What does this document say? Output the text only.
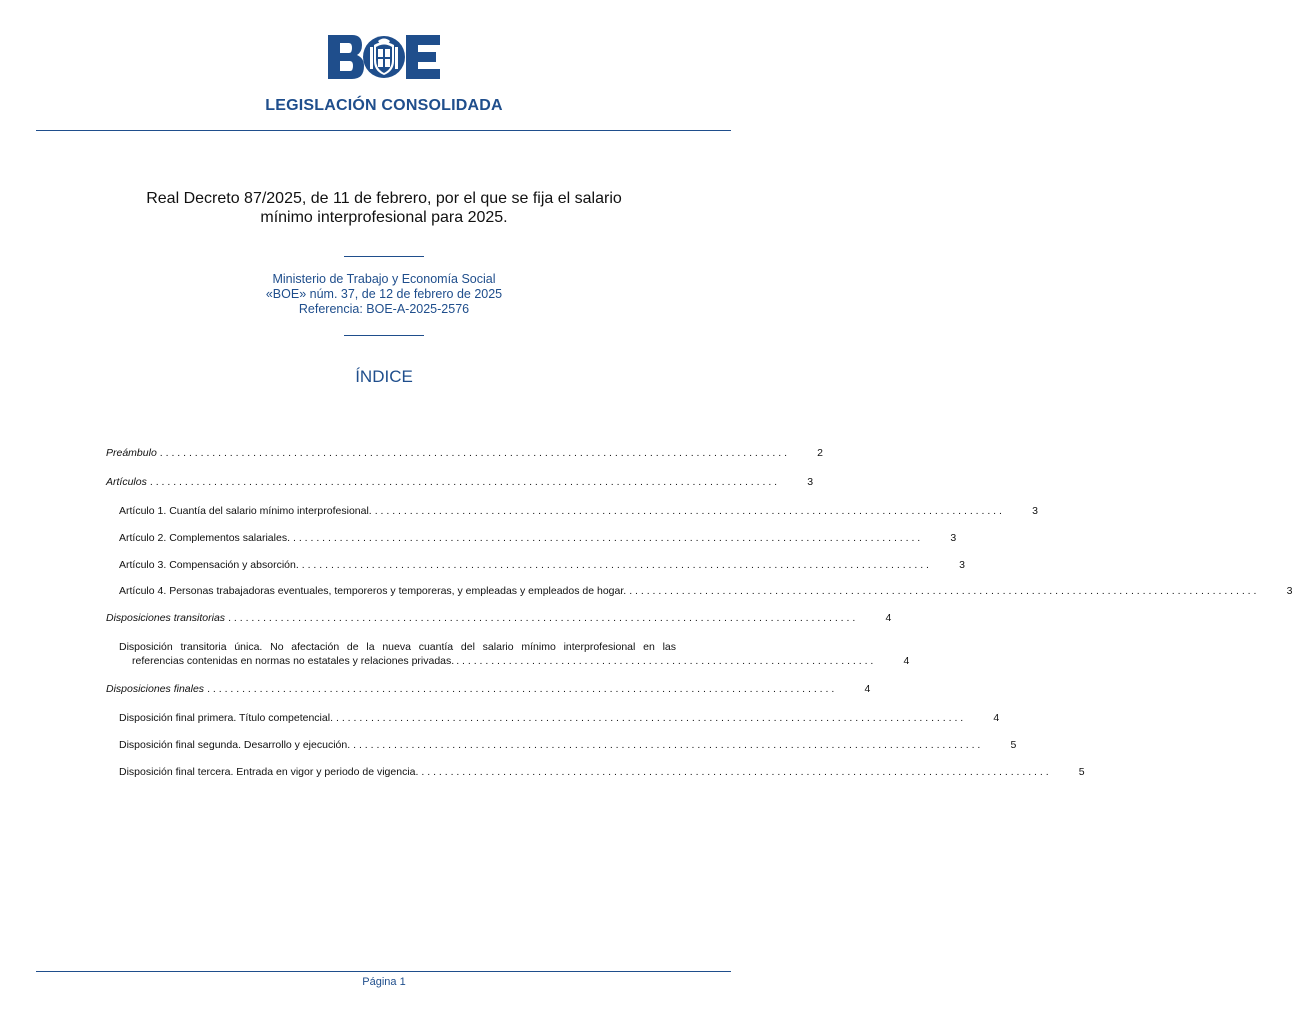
LEGISLACIÓN CONSOLIDADA
Real Decreto 87/2025, de 11 de febrero, por el que se fija el salario
mínimo interprofesional para 2025.
Ministerio de Trabajo y Economía Social
«BOE» núm. 37, de 12 de febrero de 2025
Referencia: BOE-A-2025-2576
ÍNDICE
Preámbulo . . .	2
Artículos . . .	3
Artículo 1. Cuantía del salario mínimo interprofesional. . . .	3
Artículo 2. Complementos salariales. . . .	3
Artículo 3. Compensación y absorción. . . .	3
Artículo 4. Personas trabajadoras eventuales, temporeros y temporeras, y empleadas y empleados de hogar. . . .	3
Disposiciones transitorias . . .	4
Disposición transitoria única. No afectación de la nueva cuantía del salario mínimo interprofesional en las
referencias contenidas en normas no estatales y relaciones privadas. . . .	4
Disposiciones finales . . .	4
Disposición final primera. Título competencial. . . .	4
Disposición final segunda. Desarrollo y ejecución. . . .	5
Disposición final tercera. Entrada en vigor y periodo de vigencia. . . .	5
Página 1
